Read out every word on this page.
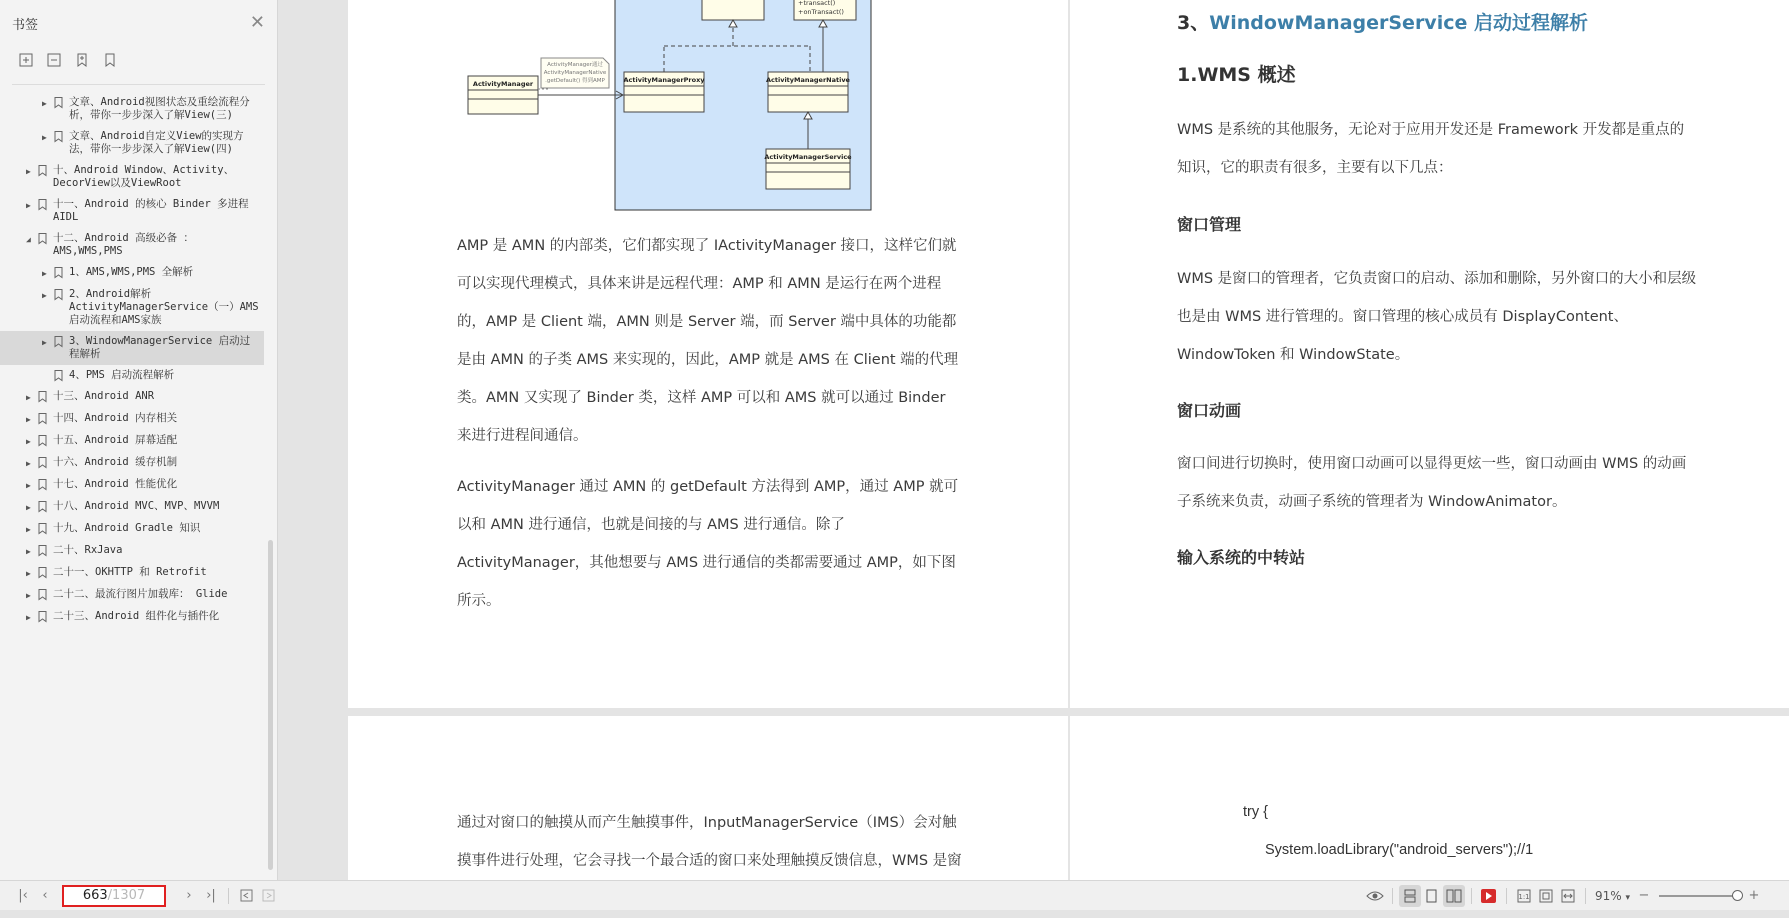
书签	✕
▶	文章、Android视图状态及重绘流程分析，带你一步步深入了解View(三)
▶	文章、Android自定义View的实现方法，带你一步步深入了解View(四)
▶	十、Android Window、Activity、DecorView以及ViewRoot
▶	十一、Android 的核心 Binder 多进程 AIDL
◢	十二、Android 高级必备 ：AMS,WMS,PMS
▶	1、AMS,WMS,PMS 全解析
▶	2、Android解析ActivityManagerService（一）AMS启动流程和AMS家族
▶	3、WindowManagerService 启动过程解析
4、PMS 启动流程解析
▶	十三、Android ANR
▶	十四、Android 内存相关
▶	十五、Android 屏幕适配
▶	十六、Android 缓存机制
▶	十七、Android 性能优化
▶	十八、Android MVC、MVP、MVVM
▶	十九、Android Gradle 知识
▶	二十、RxJava
▶	二十一、OKHTTP 和 Retrofit
▶	二十二、最流行图片加载库： Glide
▶	二十三、Android 组件化与插件化
+transact()
+onTransact()
ActivityManagerProxy	ActivityManagerNative
ActivityManagerService
ActivityManager
ActivityManager通过
ActivityManagerNative
.getDefault() 得到AMP
AMP 是 AMN 的内部类，它们都实现了 IActivityManager 接口，这样它们就可以实现代理模式，具体来讲是远程代理：AMP 和 AMN 是运行在两个进程的，AMP 是 Client 端，AMN 则是 Server 端，而 Server 端中具体的功能都是由 AMN 的子类 AMS 来实现的，因此，AMP 就是 AMS 在 Client 端的代理类。AMN 又实现了 Binder 类，这样 AMP 可以和 AMS 就可以通过 Binder 来进行进程间通信。
ActivityManager 通过 AMN 的 getDefault 方法得到 AMP，通过 AMP 就可以和 AMN 进行通信，也就是间接的与 AMS 进行通信。除了 ActivityManager，其他想要与 AMS 进行通信的类都需要通过 AMP，如下图所示。
3、WindowManagerService 启动过程解析
1.WMS 概述
WMS 是系统的其他服务，无论对于应用开发还是 Framework 开发都是重点的知识，它的职责有很多，主要有以下几点：
窗口管理
WMS 是窗口的管理者，它负责窗口的启动、添加和删除，另外窗口的大小和层级也是由 WMS 进行管理的。窗口管理的核心成员有 DisplayContent、WindowToken 和 WindowState。
窗口动画
窗口间进行切换时，使用窗口动画可以显得更炫一些，窗口动画由 WMS 的动画子系统来负责，动画子系统的管理者为 WindowAnimator。
输入系统的中转站
通过对窗口的触摸从而产生触摸事件，InputManagerService（IMS）会对触摸事件进行处理，它会寻找一个最合适的窗口来处理触摸反馈信息，WMS 是窗
try {
System.loadLibrary("android_servers");//1
|‹	‹	663 /1307	›	›|	1:1	91% ▾ −	+
